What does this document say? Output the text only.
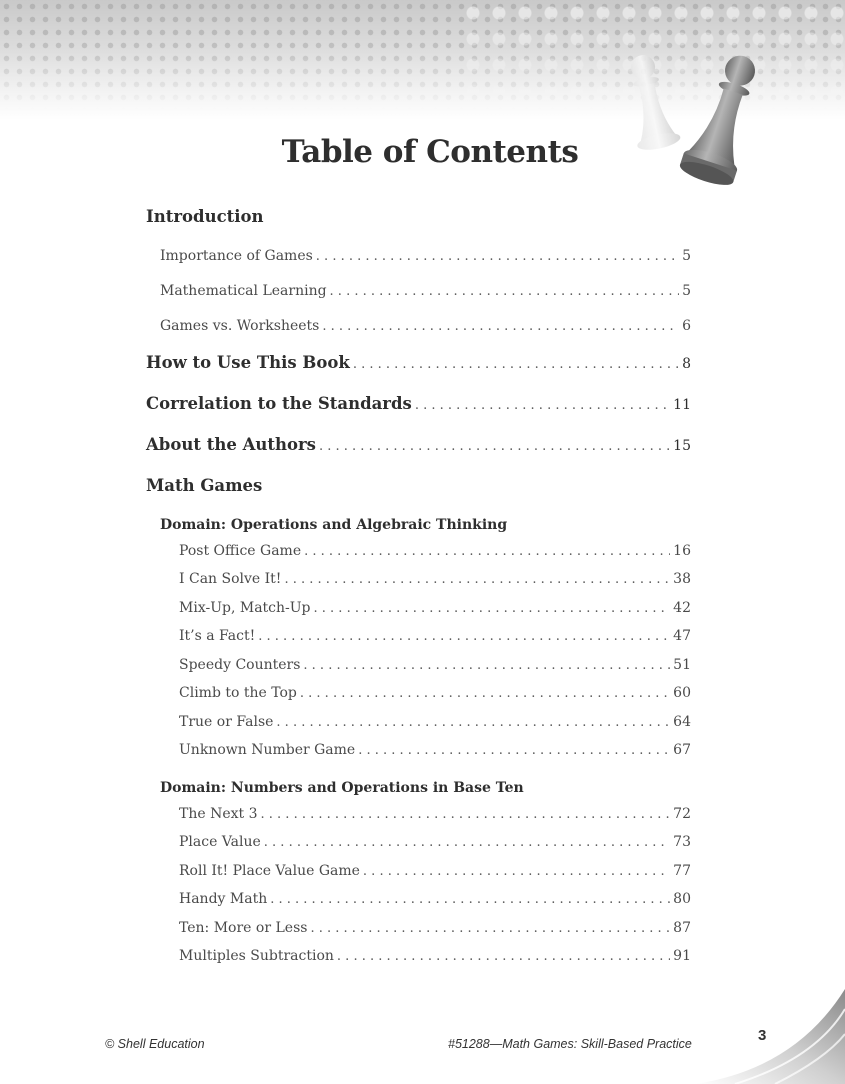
Table of Contents
Introduction
Importance of Games . . .	5
Mathematical Learning . . .	5
Games vs. Worksheets . . .	6
How to Use This Book . . .	8
Correlation to the Standards . . .	11
About the Authors . . .	15
Math Games
Domain: Operations and Algebraic Thinking
Post Office Game . . .	16
I Can Solve It! . . .	38
Mix-Up, Match-Up . . .	42
It’s a Fact! . . .	47
Speedy Counters . . .	51
Climb to the Top . . .	60
True or False . . .	64
Unknown Number Game . . .	67
Domain: Numbers and Operations in Base Ten
The Next 3 . . .	72
Place Value . . .	73
Roll It! Place Value Game . . .	77
Handy Math . . .	80
Ten: More or Less . . .	87
Multiples Subtraction . . .	91
© Shell Education	#51288—Math Games: Skill-Based Practice	3
